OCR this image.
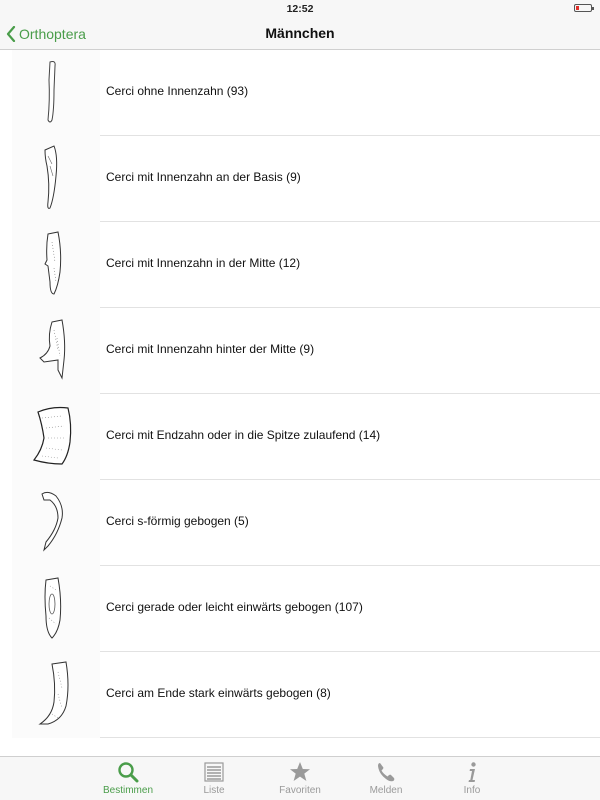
12:52
Orthoptera	Männchen
Cerci ohne Innenzahn (93)
Cerci mit Innenzahn an der Basis (9)
Cerci mit Innenzahn in der Mitte (12)
Cerci mit Innenzahn hinter der Mitte (9)
Cerci mit Endzahn oder in die Spitze zulaufend (14)
Cerci s-förmig gebogen (5)
Cerci gerade oder leicht einwärts gebogen (107)
Cerci am Ende stark einwärts gebogen (8)
Bestimmen	Liste	Favoriten	Melden	Info
